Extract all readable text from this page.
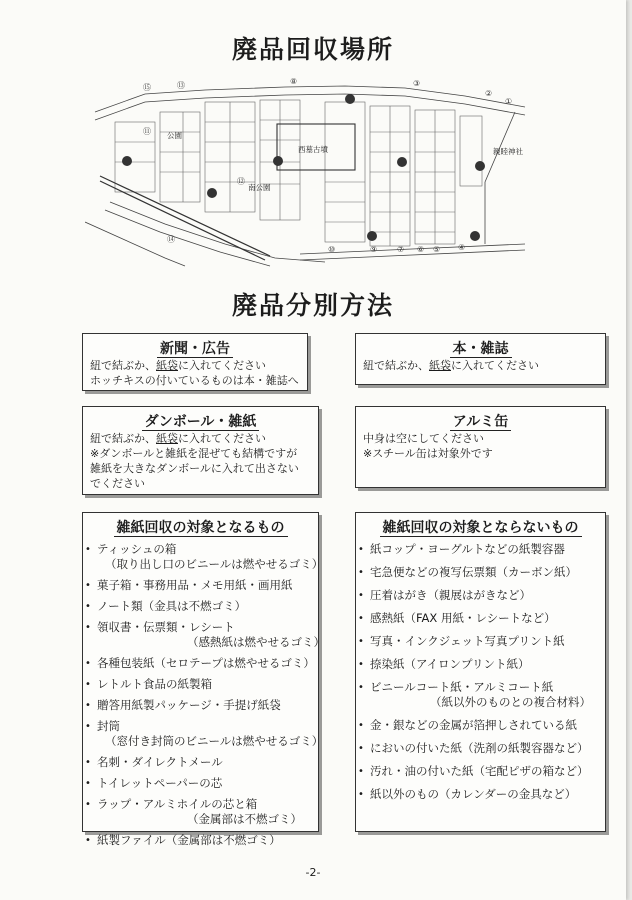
廃品回収場所
①
②
③
④
⑤
⑥
⑦
⑧
⑨
⑩
⑪
⑫
⑬
⑭
⑮
西墓古墳	親睦神社
公園
南公園
廃品分別方法
新聞・広告
紐で結ぶか、紙袋に入れてください
ホッチキスの付いているものは本・雑誌へ
本・雑誌
紐で結ぶか、紙袋に入れてください
ダンボール・雑紙
紐で結ぶか、紙袋に入れてください
※ダンボールと雑紙を混ぜても結構ですが
雑紙を大きなダンボールに入れて出さない
でください
アルミ缶
中身は空にしてください
※スチール缶は対象外です
雑紙回収の対象となるもの
• ティッシュの箱
（取り出し口のビニールは燃やせるゴミ）
• 菓子箱・事務用品・メモ用紙・画用紙
• ノート類（金具は不燃ゴミ）
• 領収書・伝票類・レシート
（感熱紙は燃やせるゴミ）
• 各種包装紙（セロテープは燃やせるゴミ）
• レトルト食品の紙製箱
• 贈答用紙製パッケージ・手提げ紙袋
• 封筒
（窓付き封筒のビニールは燃やせるゴミ）
• 名刺・ダイレクトメール
• トイレットペーパーの芯
• ラップ・アルミホイルの芯と箱
（金属部は不燃ゴミ）
• 紙製ファイル（金属部は不燃ゴミ）
雑紙回収の対象とならないもの
• 紙コップ・ヨーグルトなどの紙製容器
• 宅急便などの複写伝票類（カーボン紙）
• 圧着はがき（親展はがきなど）
• 感熱紙（FAX 用紙・レシートなど）
• 写真・インクジェット写真プリント紙
• 捺染紙（アイロンプリント紙）
• ビニールコート紙・アルミコート紙
（紙以外のものとの複合材料）
• 金・銀などの金属が箔押しされている紙
• においの付いた紙（洗剤の紙製容器など）
• 汚れ・油の付いた紙（宅配ピザの箱など）
• 紙以外のもの（カレンダーの金具など）
-2-
